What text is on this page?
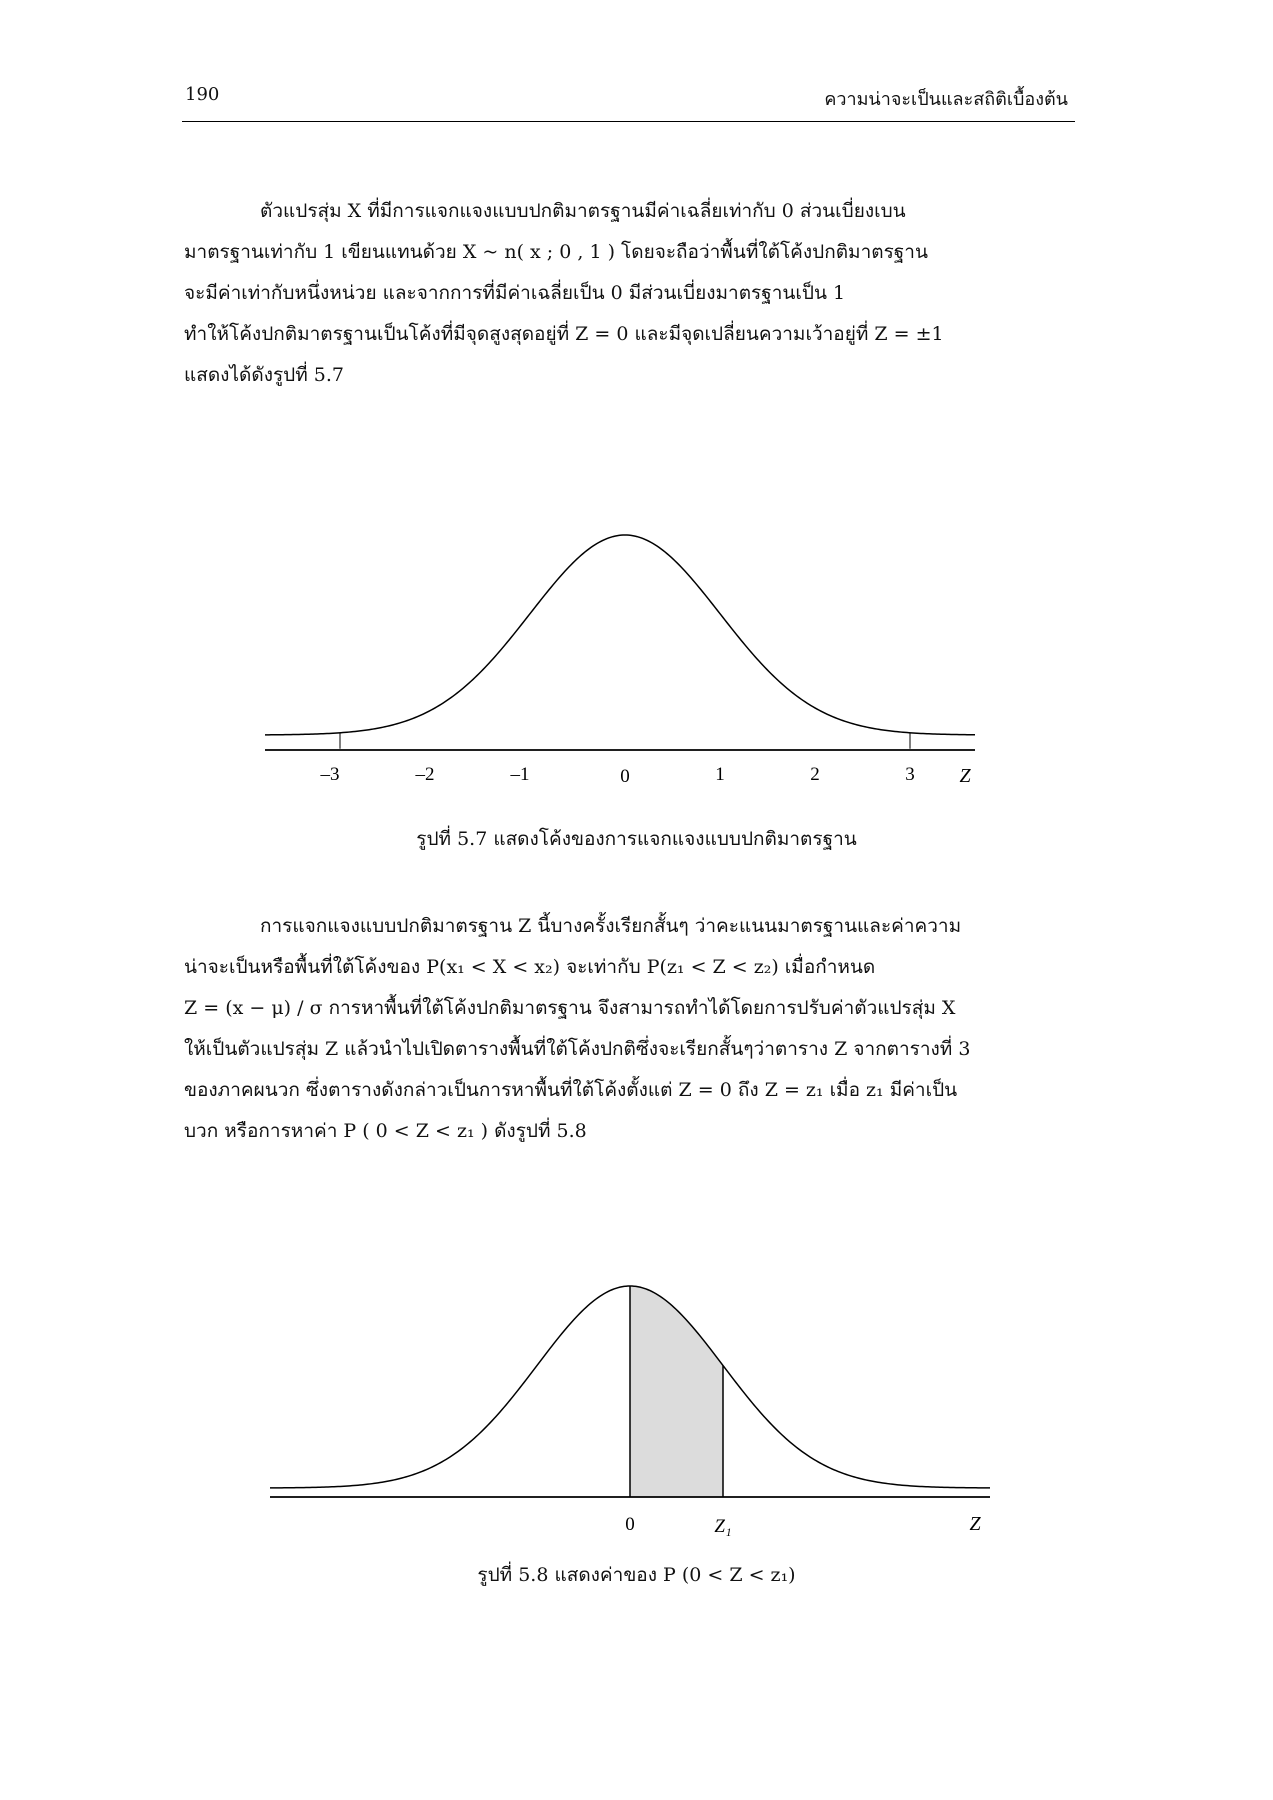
190	ความน่าจะเป็นและสถิติเบื้องต้น
ตัวแปรสุ่ม X ที่มีการแจกแจงแบบปกติมาตรฐานมีค่าเฉลี่ยเท่ากับ 0 ส่วนเบี่ยงเบน
มาตรฐานเท่ากับ 1 เขียนแทนด้วย X ~ n( x ; 0 , 1 ) โดยจะถือว่าพื้นที่ใต้โค้งปกติมาตรฐาน
จะมีค่าเท่ากับหนึ่งหน่วย และจากการที่มีค่าเฉลี่ยเป็น 0 มีส่วนเบี่ยงมาตรฐานเป็น 1
ทำให้โค้งปกติมาตรฐานเป็นโค้งที่มีจุดสูงสุดอยู่ที่ Z = 0 และมีจุดเปลี่ยนความเว้าอยู่ที่ Z = ±1
แสดงได้ดังรูปที่ 5.7
–3	–2	–1	0	1	2	3 Z
รูปที่ 5.7 แสดงโค้งของการแจกแจงแบบปกติมาตรฐาน
การแจกแจงแบบปกติมาตรฐาน Z นี้บางครั้งเรียกสั้นๆ ว่าคะแนนมาตรฐานและค่าความ
น่าจะเป็นหรือพื้นที่ใต้โค้งของ P(x₁ < X < x₂) จะเท่ากับ P(z₁ < Z < z₂) เมื่อกำหนด
Z = (x − μ) / σ การหาพื้นที่ใต้โค้งปกติมาตรฐาน จึงสามารถทำได้โดยการปรับค่าตัวแปรสุ่ม X
ให้เป็นตัวแปรสุ่ม Z แล้วนำไปเปิดตารางพื้นที่ใต้โค้งปกติซึ่งจะเรียกสั้นๆว่าตาราง Z จากตารางที่ 3
ของภาคผนวก ซึ่งตารางดังกล่าวเป็นการหาพื้นที่ใต้โค้งตั้งแต่ Z = 0 ถึง Z = z₁ เมื่อ z₁ มีค่าเป็น
บวก หรือการหาค่า P ( 0 < Z < z₁ ) ดังรูปที่ 5.8
0	Z₁	Z
รูปที่ 5.8 แสดงค่าของ P (0 < Z < z₁)
